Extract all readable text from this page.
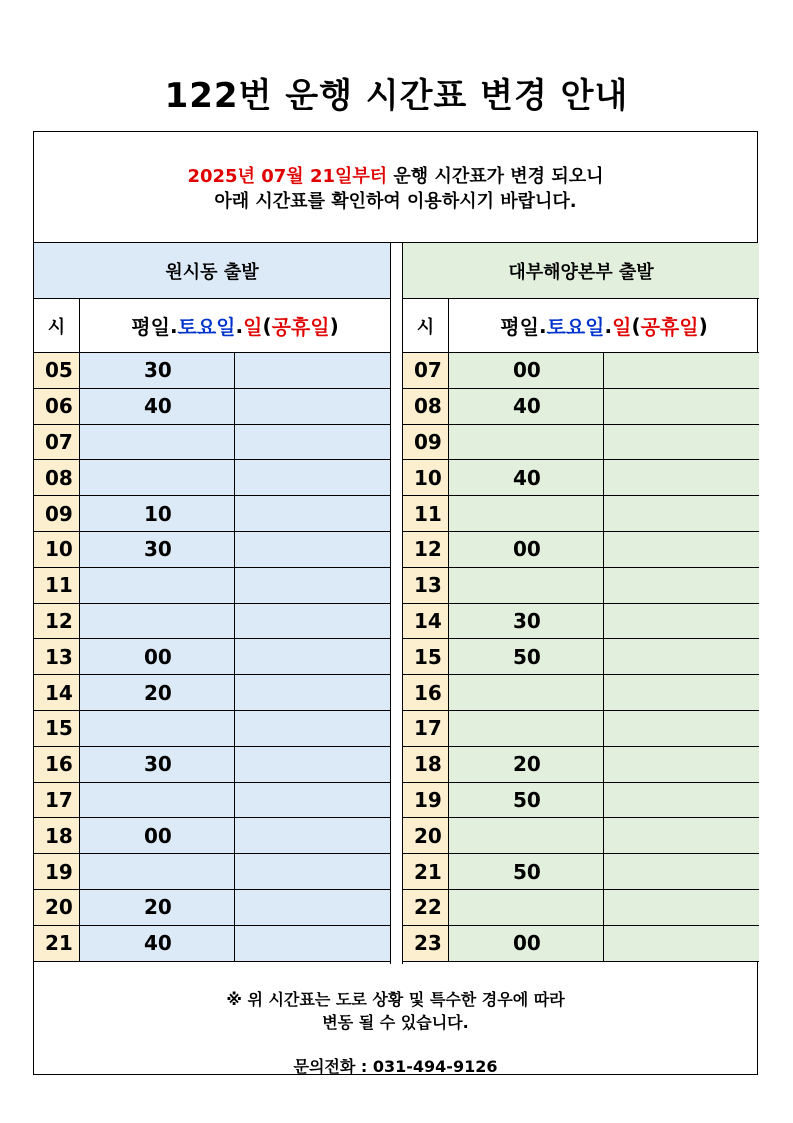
122번 운행 시간표 변경 안내
2025년 07월 21일부터 운행 시간표가 변경 되오니
아래 시간표를 확인하여 이용하시기 바랍니다.
원시동 출발
시	평일 . 토요일 . 일 ( 공휴일 )
05	30
06	40
07
08
09	10
10	30
11
12
13	00
14	20
15
16	30
17
18	00
19
20	20
21	40
대부해양본부 출발
시	평일 . 토요일 . 일 ( 공휴일 )
07	00
08	40
09
10	40
11
12	00
13
14	30
15	50
16
17
18	20
19	50
20
21	50
22
23	00
※ 위 시간표는 도로 상황 및 특수한 경우에 따라
변동 될 수 있습니다.
문의전화 : 031-494-9126
